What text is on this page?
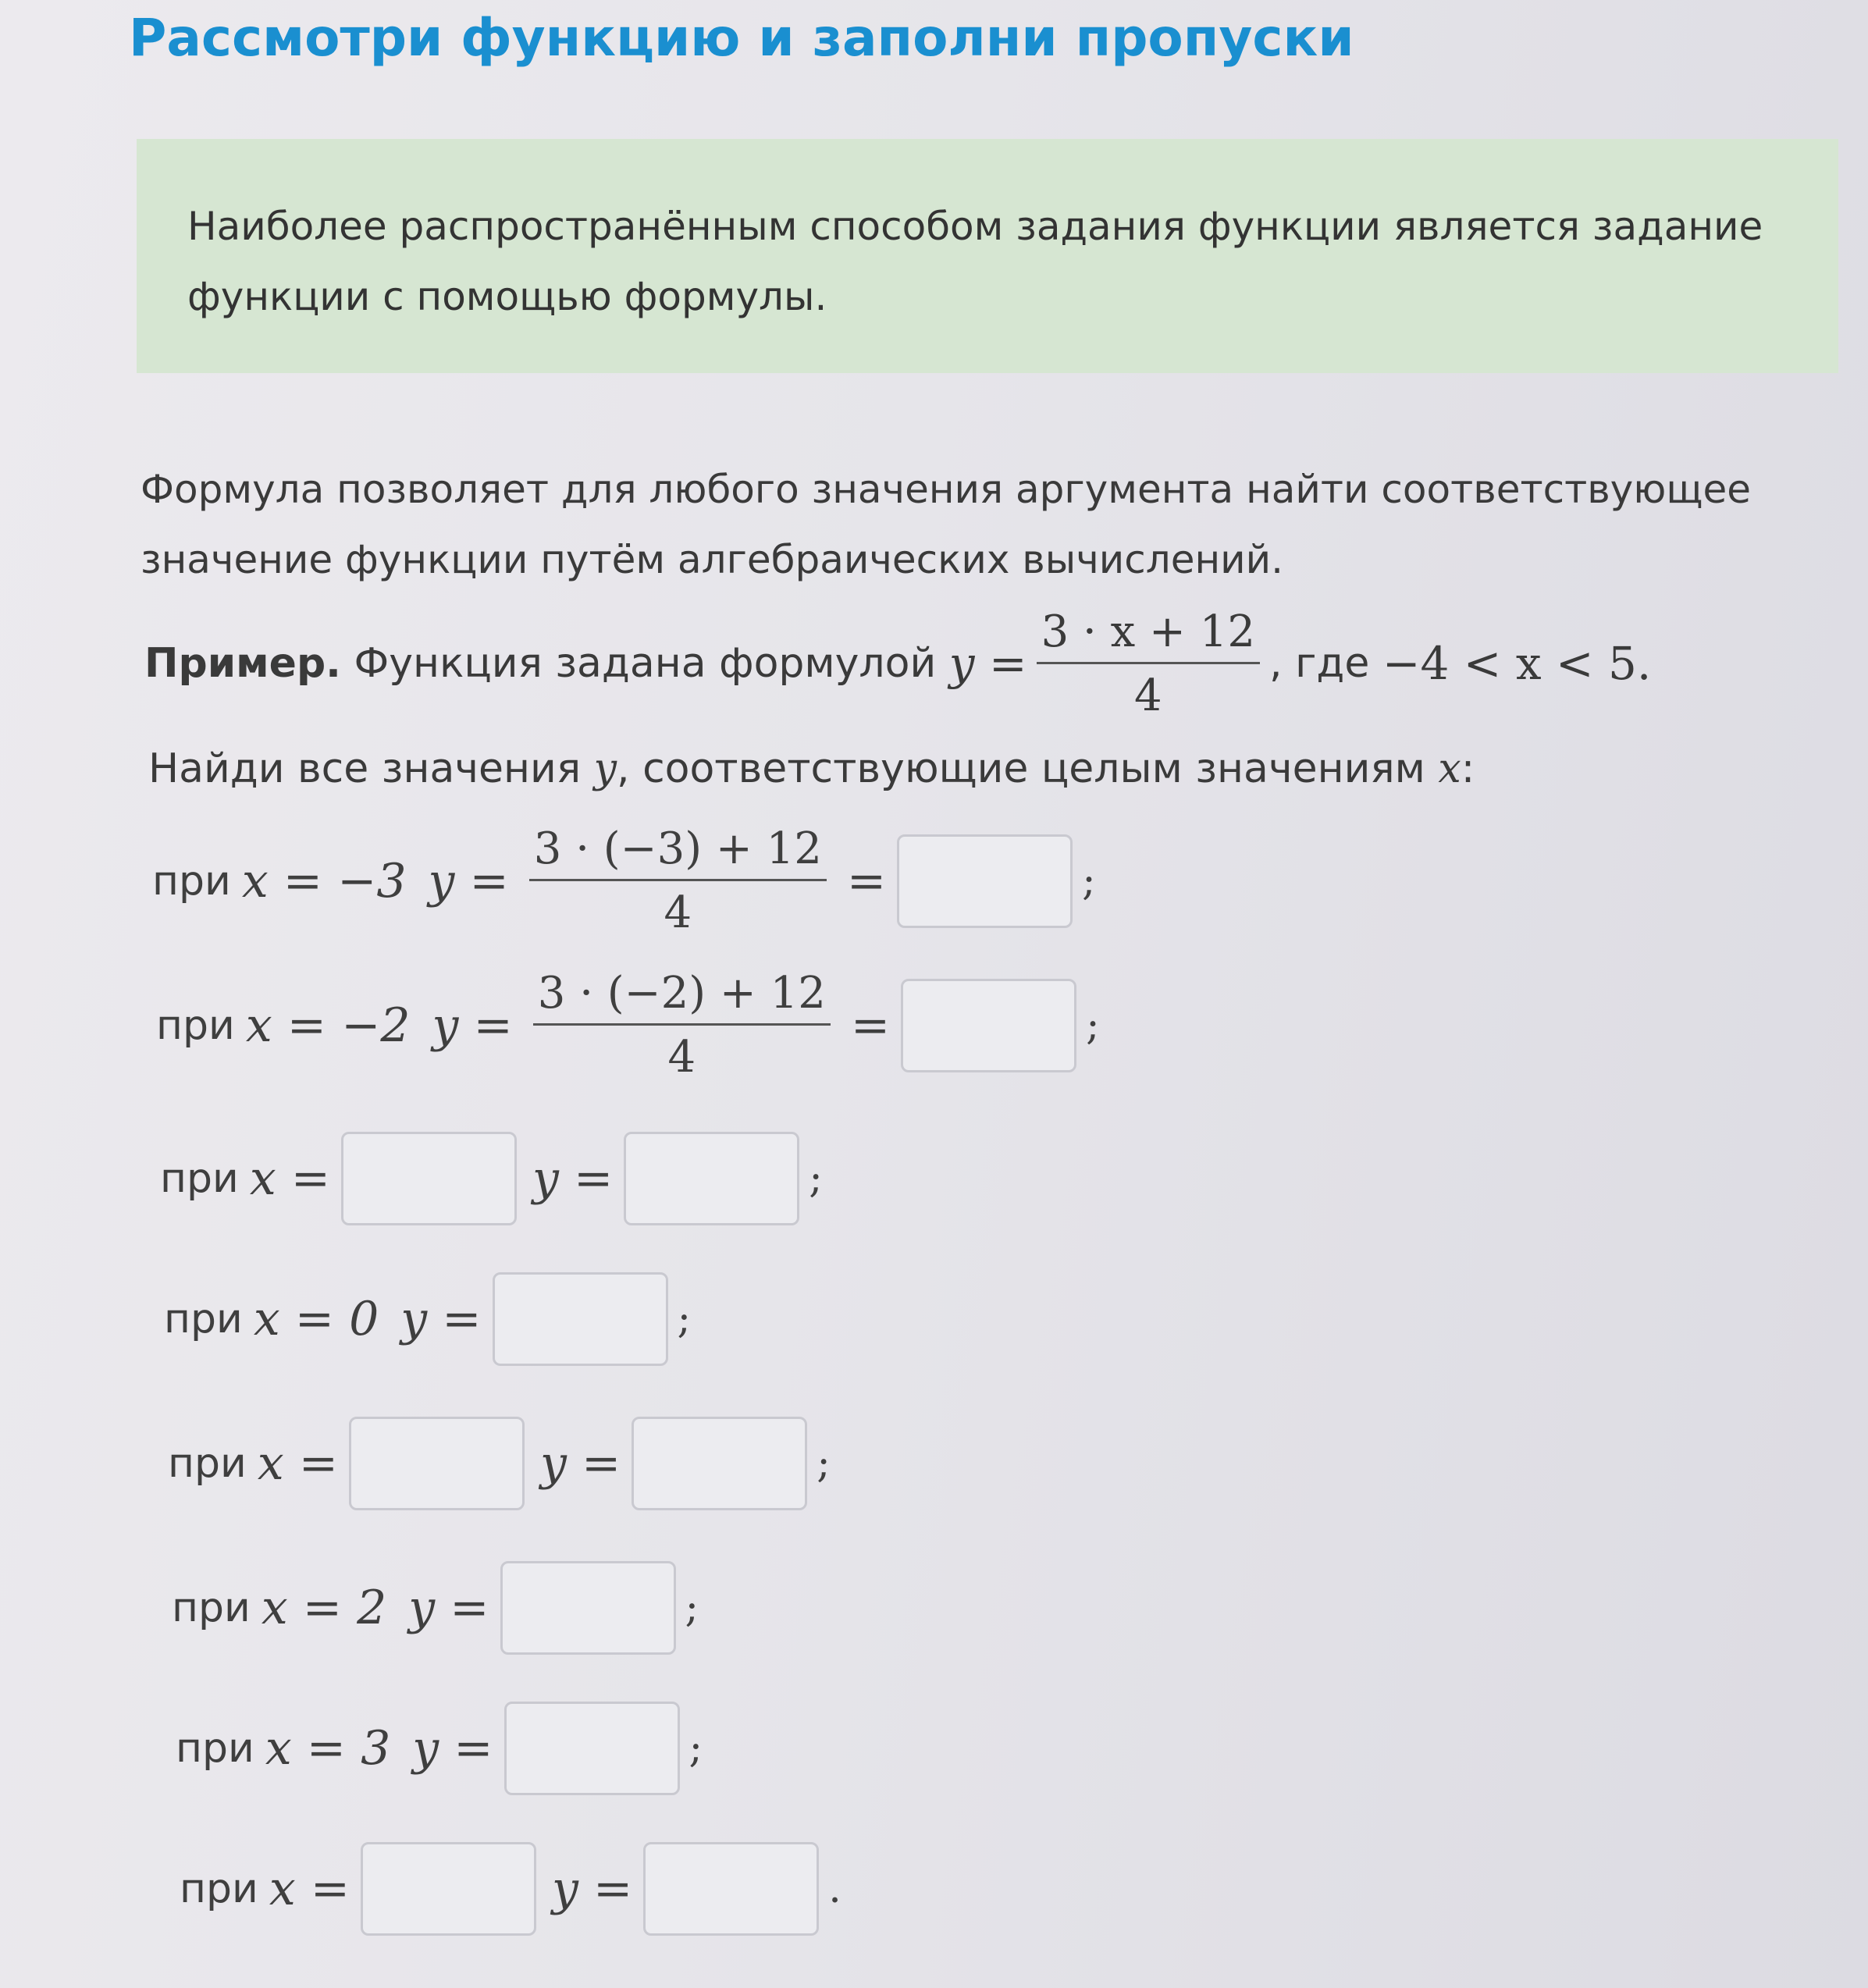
Рассмотри функцию и заполни пропуски
Наиболее распространённым способом задания функции является задание функции с помощью формулы.
Формула позволяет для любого значения аргумента найти соответствующее значение функции путём алгебраических вычислений.
Пример. Функция задана формулой $y = \frac{3 \cdot x + 12}{4}$ , где −4 < x < 5.
Найди все значения y, соответствующие целым значениям x:
при x = −3 $y = \frac{3 \cdot (-3) + 12}{4}$ =	;
при x = −2 $y = \frac{3 \cdot (-2) + 12}{4}$ =	;
при x =	y =	;
при x = 0 y =	;
при x =	y =	;
при x = 2 y =	;
при x = 3 y =	;
при x =	y =	.
